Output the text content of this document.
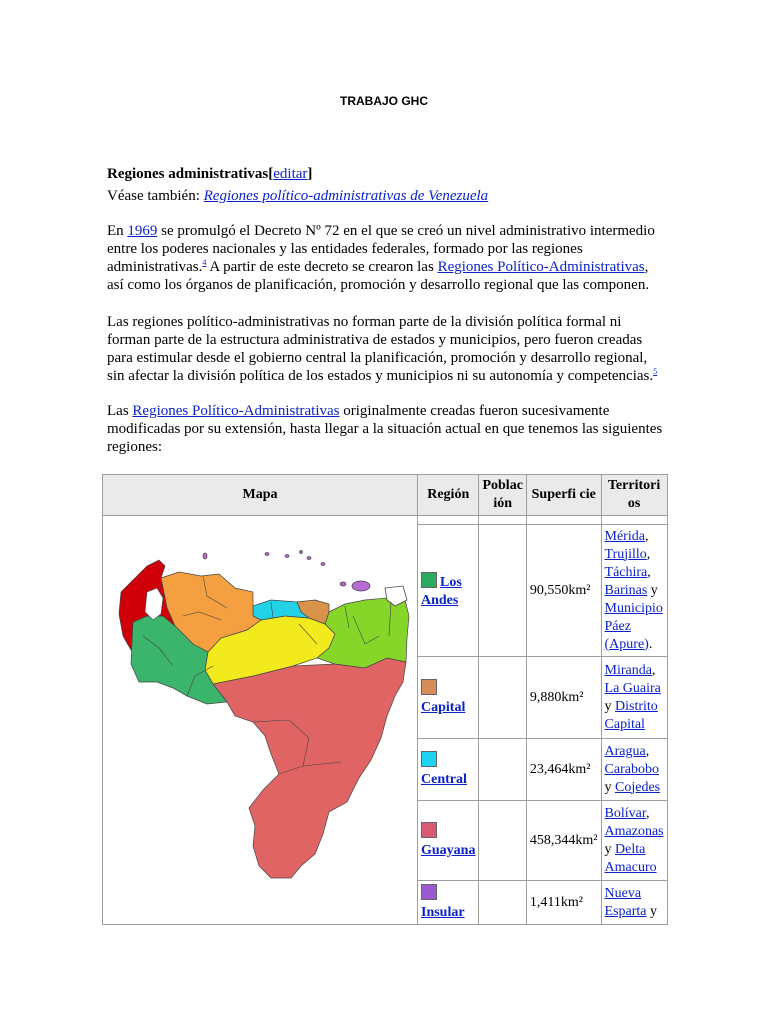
TRABAJO GHC
Regiones administrativas[editar]
Véase también: Regiones político-administrativas de Venezuela
En 1969 se promulgó el Decreto Nº 72 en el que se creó un nivel administrativo intermedio entre los poderes nacionales y las entidades federales, formado por las regiones administrativas.$^4$ A partir de este decreto se crearon las Regiones Político-Administrativas, así como los órganos de planificación, promoción y desarrollo regional que las componen.
Las regiones político-administrativas no forman parte de la división política formal ni forman parte de la estructura administrativa de estados y municipios, pero fueron creadas para estimular desde el gobierno central la planificación, promoción y desarrollo regional, sin afectar la división política de los estados y municipios ni su autonomía y competencias.$^5$
Las Regiones Político-Administrativas originalmente creadas fueron sucesivamente modificadas por su extensión, hasta llegar a la situación actual en que tenemos las siguientes regiones:
Mapa	Región	Poblac ión	Superfi cie	Territori os

	Los Andes		90,550km²	Mérida, Trujillo, Táchira, Barinas y Municipio Páez (Apure).
	Capital		9,880km²	Miranda, La Guaira y Distrito Capital
	Central		23,464km²	Aragua, Carabobo y Cojedes
	Guayana		458,344km²	Bolívar, Amazonas y Delta Amacuro
	Insular		1,411km²	Nueva Esparta y
